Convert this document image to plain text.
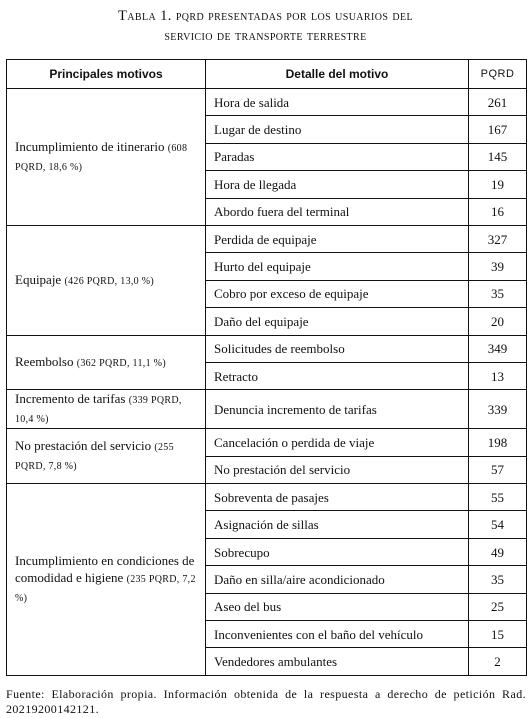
Tabla 1. pqrd presentadas por los usuarios del
servicio de transporte terrestre
Principales motivos	Detalle del motivo	PQRD
Incumplimiento de itinerario (608 PQRD, 18,6 %)	Hora de salida	261
	Lugar de destino	167
	Paradas	145
	Hora de llegada	19
	Abordo fuera del terminal	16
Equipaje (426 PQRD, 13,0 %)	Perdida de equipaje	327
	Hurto del equipaje	39
	Cobro por exceso de equipaje	35
	Daño del equipaje	20
Reembolso (362 PQRD, 11,1 %)	Solicitudes de reembolso	349
	Retracto	13
Incremento de tarifas (339 PQRD, 10,4 %)	Denuncia incremento de tarifas	339
No prestación del servicio (255 PQRD, 7,8 %)	Cancelación o perdida de viaje	198
	No prestación del servicio	57
Incumplimiento en condiciones de comodidad e higiene (235 PQRD, 7,2 %)	Sobreventa de pasajes	55
	Asignación de sillas	54
	Sobrecupo	49
	Daño en silla/aire acondicionado	35
	Aseo del bus	25
	Inconvenientes con el baño del vehículo	15
	Vendedores ambulantes	2
Fuente: Elaboración propia. Información obtenida de la respuesta a derecho de petición Rad. 20219200142121.
